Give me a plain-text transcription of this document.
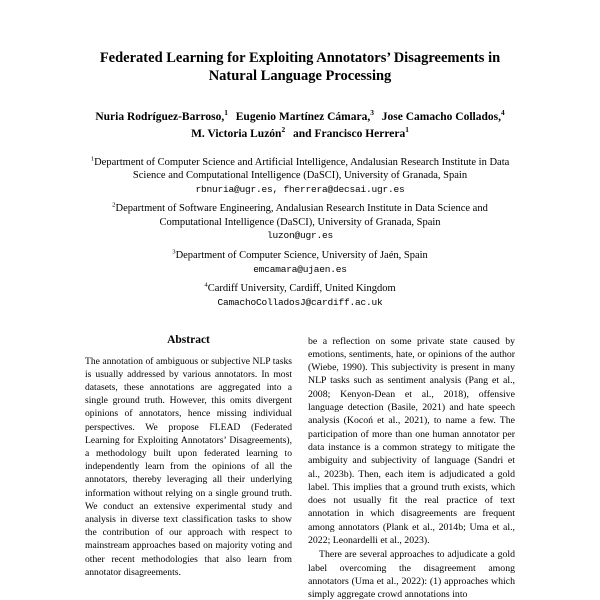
Federated Learning for Exploiting Annotators’ Disagreements in Natural Language Processing
Nuria Rodríguez-Barroso,$^1$ Eugenio Martínez Cámara,$^3$ Jose Camacho Collados,$^4$
M. Victoria Luzón$^2$ and Francisco Herrera$^1$
$^1$Department of Computer Science and Artificial Intelligence, Andalusian Research Institute in Data Science and Computational Intelligence (DaSCI), University of Granada, Spain
rbnuria@ugr.es, fherrera@decsai.ugr.es
$^2$Department of Software Engineering, Andalusian Research Institute in Data Science and Computational Intelligence (DaSCI), University of Granada, Spain
luzon@ugr.es
$^3$Department of Computer Science, University of Jaén, Spain
emcamara@ujaen.es
$^4$Cardiff University, Cardiff, United Kingdom
CamachoColladosJ@cardiff.ac.uk
Abstract

The annotation of ambiguous or subjective NLP tasks is usually addressed by various annotators. In most datasets, these annotations are aggregated into a single ground truth. However, this omits divergent opinions of annotators, hence missing individual perspectives. We propose FLEAD (Federated Learning for Exploiting Annotators’ Disagreements), a methodology built upon federated learning to independently learn from the opinions of all the annotators, thereby leveraging all their underlying information without relying on a single ground truth. We conduct an extensive experimental study and analysis in diverse text classification tasks to show the contribution of our approach with respect to mainstream approaches based on majority voting and other recent methodologies that also learn from annotator disagreements.

be a reflection on some private state caused by emotions, sentiments, hate, or opinions of the author (Wiebe, 1990). This subjectivity is present in many NLP tasks such as sentiment analysis (Pang et al., 2008; Kenyon-Dean et al., 2018), offensive language detection (Basile, 2021) and hate speech analysis (Kocoń et al., 2021), to name a few. The participation of more than one human annotator per data instance is a common strategy to mitigate the ambiguity and subjectivity of language (Sandri et al., 2023b). Then, each item is adjudicated a gold label. This implies that a ground truth exists, which does not usually fit the real practice of text annotation in which disagreements are frequent among annotators (Plank et al., 2014b; Uma et al., 2022; Leonardelli et al., 2023).

There are several approaches to adjudicate a gold label overcoming the disagreement among annotators (Uma et al., 2022): (1) approaches which simply aggregate crowd annotations into
